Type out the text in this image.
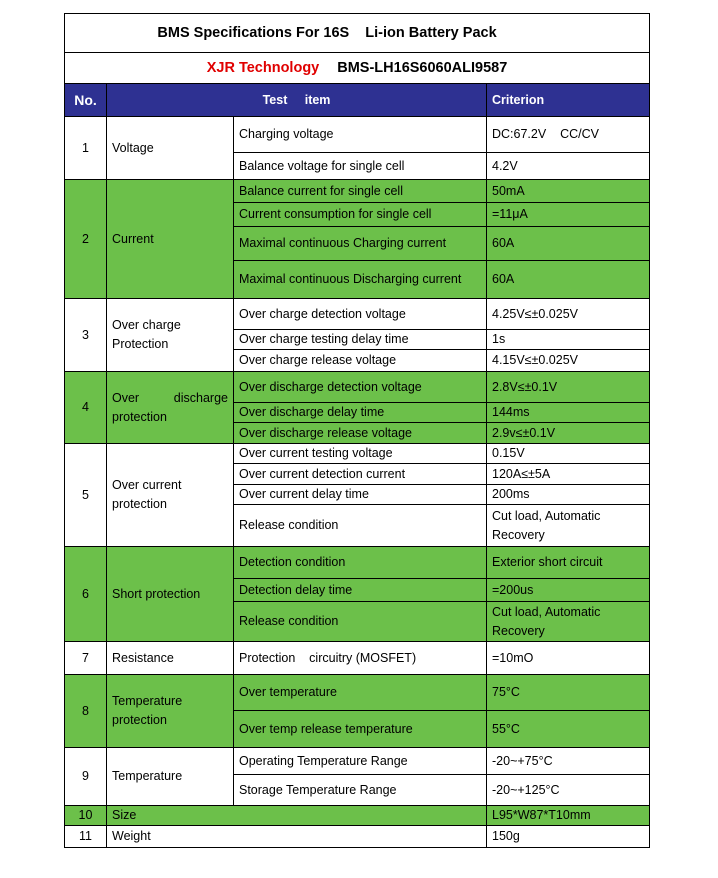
BMS Specifications For 16S    Li-ion Battery Pack			
XJR Technology BMS-LH16S6060ALI9587			
No.	Test     item		Criterion
1	Voltage	Charging voltage	DC:67.2V    CC/CV
		Balance voltage for single cell	4.2V
2	Current	Balance current for single cell	50mA
		Current consumption for single cell	=11μA
		Maximal continuous Charging current	60A
		Maximal continuous Discharging current	60A
3	Over charge Protection	Over charge detection voltage	4.25V≤±0.025V
		Over charge testing delay time	1s
		Over charge release voltage	4.15V≤±0.025V
4	Over discharge protection	Over discharge detection voltage	2.8V≤±0.1V
		Over discharge delay time	144ms
		Over discharge release voltage	2.9v≤±0.1V
5	Over current protection	Over current testing voltage	0.15V
		Over current detection current	120A≤±5A
		Over current delay time	200ms
		Release condition	Cut load, Automatic Recovery
6	Short protection	Detection condition	Exterior short circuit
		Detection delay time	=200us
		Release condition	Cut load, Automatic Recovery
7	Resistance	Protection    circuitry (MOSFET)	=10mO
8	Temperature protection	Over temperature	75°C
		Over temp release temperature	55°C
9	Temperature	Operating Temperature Range	-20~+75°C
		Storage Temperature Range	-20~+125°C
10	Size		L95*W87*T10mm
11	Weight		150g
